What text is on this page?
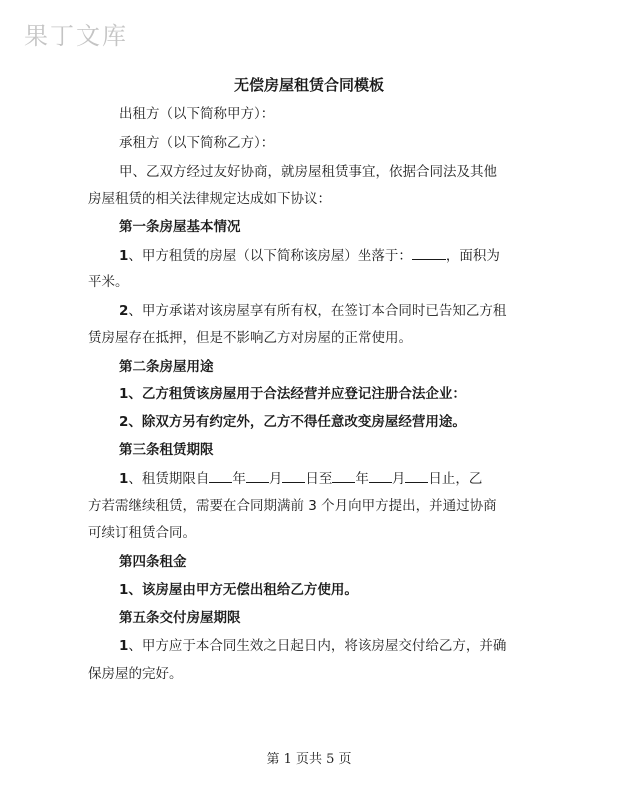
果丁文库
无偿房屋租赁合同模板

出租方（以下简称甲方）：

承租方（以下简称乙方）：

甲、乙双方经过友好协商，就房屋租赁事宜，依据合同法及其他

房屋租赁的相关法律规定达成如下协议：

第一条房屋基本情况

1、甲方租赁的房屋（以下简称该房屋）坐落于：	，面积为

平米。

2、甲方承诺对该房屋享有所有权，在签订本合同时已告知乙方租

赁房屋存在抵押，但是不影响乙方对房屋的正常使用。

第二条房屋用途

1、乙方租赁该房屋用于合法经营并应登记注册合法企业：

2、除双方另有约定外，乙方不得任意改变房屋经营用途。

第三条租赁期限

1、租赁期限自 年 月 日至 年 月 日止，乙

方若需继续租赁，需要在合同期满前 3 个月向甲方提出，并通过协商

可续订租赁合同。

第四条租金

1、该房屋由甲方无偿出租给乙方使用。

第五条交付房屋期限

1、甲方应于本合同生效之日起日内，将该房屋交付给乙方，并确

保房屋的完好。

第 1 页共 5 页
